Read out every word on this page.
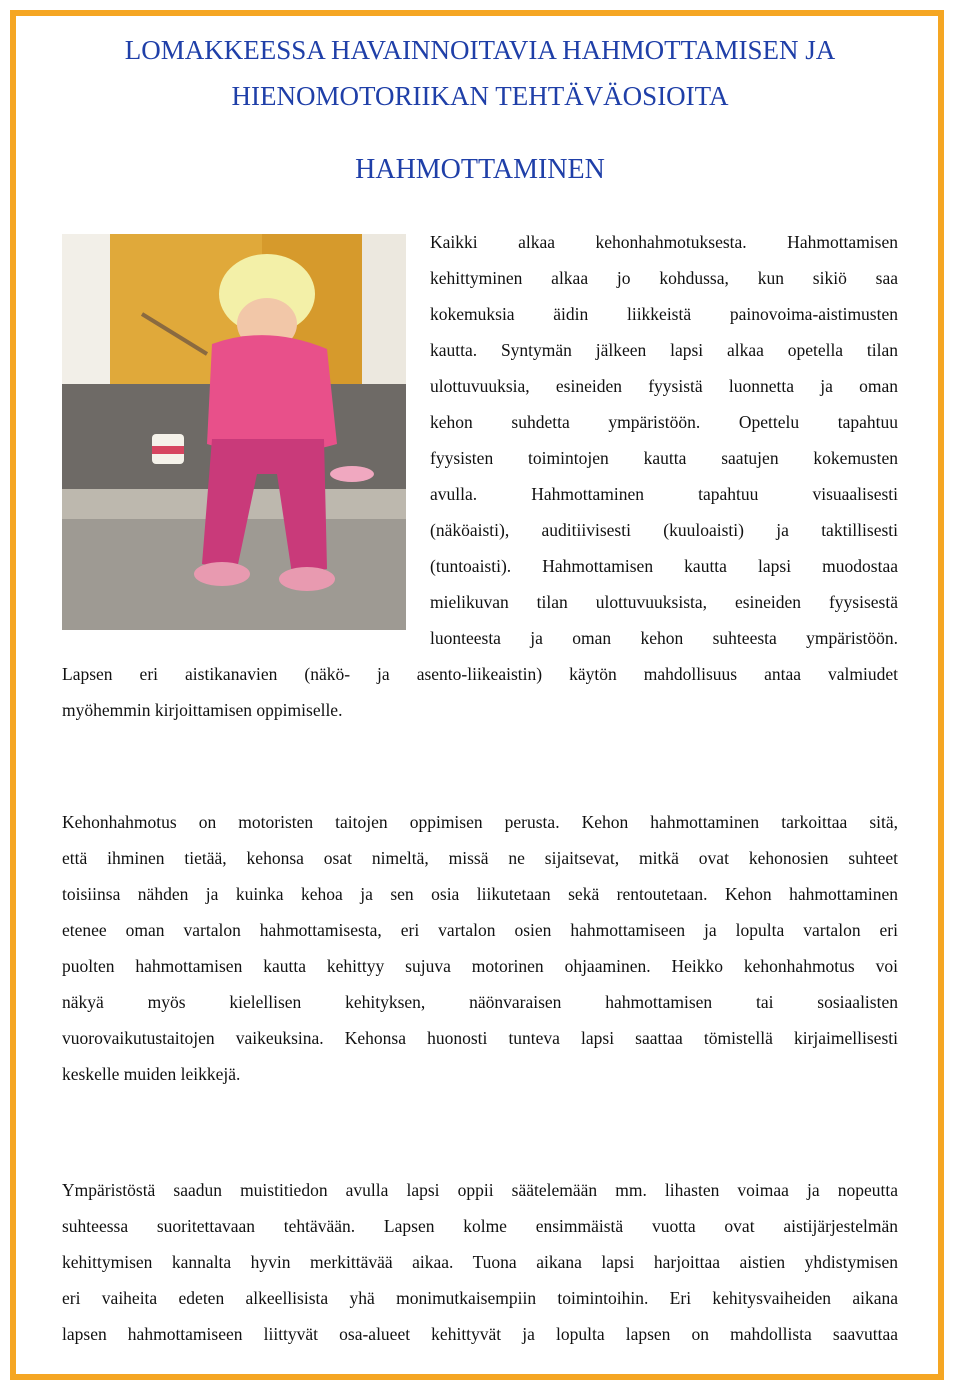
LOMAKKEESSA HAVAINNOITAVIA HAHMOTTAMISEN JA
HIENOMOTORIIKAN TEHTÄVÄOSIOITA
HAHMOTTAMINEN

Kaikki alkaa kehonhahmotuksesta. Hahmottamisen

kehittyminen alkaa jo kohdussa, kun sikiö saa

kokemuksia äidin liikkeistä painovoima-aistimusten

kautta. Syntymän jälkeen lapsi alkaa opetella tilan

ulottuvuuksia, esineiden fyysistä luonnetta ja oman

kehon suhdetta ympäristöön. Opettelu tapahtuu

fyysisten toimintojen kautta saatujen kokemusten

avulla. Hahmottaminen tapahtuu visuaalisesti

(näköaisti), auditiivisesti (kuuloaisti) ja taktillisesti

(tuntoaisti). Hahmottamisen kautta lapsi muodostaa

mielikuvan tilan ulottuvuuksista, esineiden fyysisestä

luonteesta ja oman kehon suhteesta ympäristöön.

Lapsen eri aistikanavien (näkö- ja asento-liikeaistin) käytön mahdollisuus antaa valmiudet

myöhemmin kirjoittamisen oppimiselle.

Kehonhahmotus on motoristen taitojen oppimisen perusta. Kehon hahmottaminen tarkoittaa sitä,

että ihminen tietää, kehonsa osat nimeltä, missä ne sijaitsevat, mitkä ovat kehonosien suhteet

toisiinsa nähden ja kuinka kehoa ja sen osia liikutetaan sekä rentoutetaan. Kehon hahmottaminen

etenee oman vartalon hahmottamisesta, eri vartalon osien hahmottamiseen ja lopulta vartalon eri

puolten hahmottamisen kautta kehittyy sujuva motorinen ohjaaminen. Heikko kehonhahmotus voi

näkyä myös kielellisen kehityksen, näönvaraisen hahmottamisen tai sosiaalisten

vuorovaikutustaitojen vaikeuksina. Kehonsa huonosti tunteva lapsi saattaa tömistellä kirjaimellisesti

keskelle muiden leikkejä.

Ympäristöstä saadun muistitiedon avulla lapsi oppii säätelemään mm. lihasten voimaa ja nopeutta

suhteessa suoritettavaan tehtävään. Lapsen kolme ensimmäistä vuotta ovat aistijärjestelmän

kehittymisen kannalta hyvin merkittävää aikaa. Tuona aikana lapsi harjoittaa aistien yhdistymisen

eri vaiheita edeten alkeellisista yhä monimutkaisempiin toimintoihin. Eri kehitysvaiheiden aikana

lapsen hahmottamiseen liittyvät osa-alueet kehittyvät ja lopulta lapsen on mahdollista saavuttaa
